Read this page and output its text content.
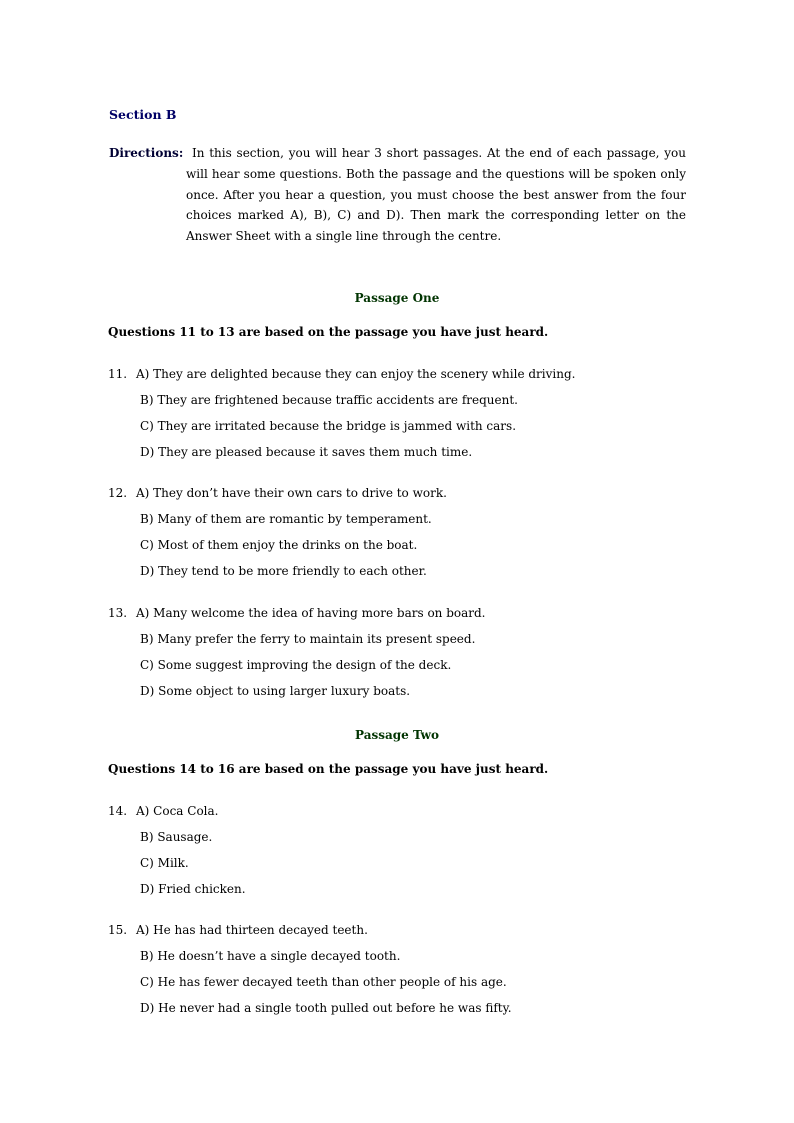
Section B
Directions: In this section, you will hear 3 short passages. At the end of each passage, you will hear some questions. Both the passage and the questions will be spoken only once. After you hear a question, you must choose the best answer from the four choices marked A), B), C) and D). Then mark the corresponding letter on the Answer Sheet with a single line through the centre.

Passage One
Questions 11 to 13 are based on the passage you have just heard.
11. A) They are delighted because they can enjoy the scenery while driving.
B) They are frightened because traffic accidents are frequent.
C) They are irritated because the bridge is jammed with cars.
D) They are pleased because it saves them much time.
12. A) They don’t have their own cars to drive to work.
B) Many of them are romantic by temperament.
C) Most of them enjoy the drinks on the boat.
D) They tend to be more friendly to each other.
13. A) Many welcome the idea of having more bars on board.
B) Many prefer the ferry to maintain its present speed.
C) Some suggest improving the design of the deck.
D) Some object to using larger luxury boats.
Passage Two
Questions 14 to 16 are based on the passage you have just heard.
14. A) Coca Cola.
B) Sausage.
C) Milk.
D) Fried chicken.
15. A) He has had thirteen decayed teeth.
B) He doesn’t have a single decayed tooth.
C) He has fewer decayed teeth than other people of his age.
D) He never had a single tooth pulled out before he was fifty.
